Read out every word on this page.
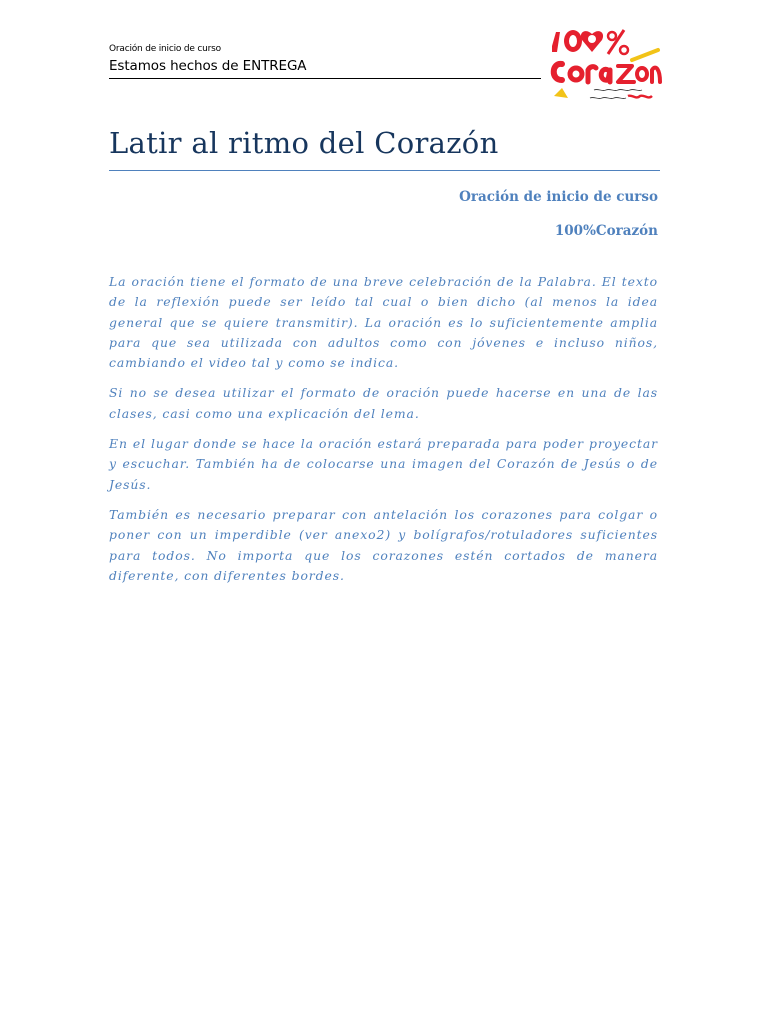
Oración de inicio de curso
Estamos hechos de ENTREGA
Latir al ritmo del Corazón
Oración de inicio de curso
100%Corazón

La oración tiene el formato de una breve celebración de la Palabra. El texto de la reflexión puede ser leído tal cual o bien dicho (al menos la idea general que se quiere transmitir). La oración es lo suficientemente amplia para que sea utilizada con adultos como con jóvenes e incluso niños, cambiando el video tal y como se indica.

Si no se desea utilizar el formato de oración puede hacerse en una de las clases, casi como una explicación del lema.

En el lugar donde se hace la oración estará preparada para poder proyectar y escuchar. También ha de colocarse una imagen del Corazón de Jesús o de Jesús.

También es necesario preparar con antelación los corazones para colgar o poner con un imperdible (ver anexo2) y bolígrafos/rotuladores suficientes para todos. No importa que los corazones estén cortados de manera diferente, con diferentes bordes.
